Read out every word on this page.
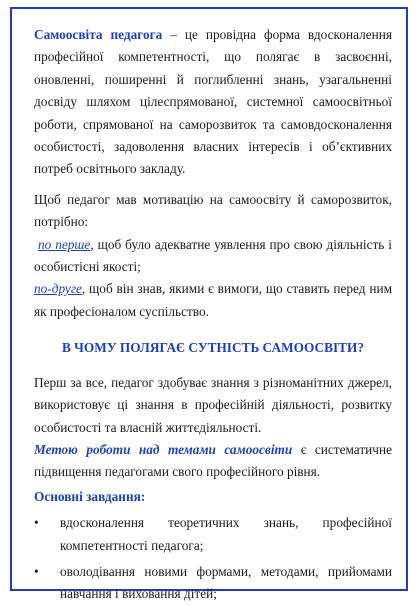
Самоосвіта педагога – це провідна форма вдосконалення професійної компетентності, що полягає в засвоєнні, оновленні, поширенні й поглибленні знань, узагальненні досвіду шляхом цілеспрямованої, системної самоосвітньої роботи, спрямованої на саморозвиток та самовдосконалення особистості, задоволення власних інтересів і об’єктивних потреб освітнього закладу.

Щоб педагог мав мотивацію на самоосвіту й саморозвиток, потрібно:

по перше, щоб було адекватне уявлення про свою діяльність і особистісні якості;

по-друге, щоб він знав, якими є вимоги, що ставить перед ним як професіоналом суспільство.

В ЧОМУ ПОЛЯГАЄ СУТНІСТЬ САМООСВІТИ?

Перш за все, педагог здобуває знання з різноманітних джерел, використовує ці знання в професійній діяльності, розвитку особистості та власній життєдіяльності.

Метою роботи над темами самоосвіти є систематичне підвищення педагогами свого професійного рівня.

Основні завдання:

• вдосконалення теоретичних знань, професійної компетентності педагога;
• оволодівання новими формами, методами, прийомами навчання і виховання дітей;
